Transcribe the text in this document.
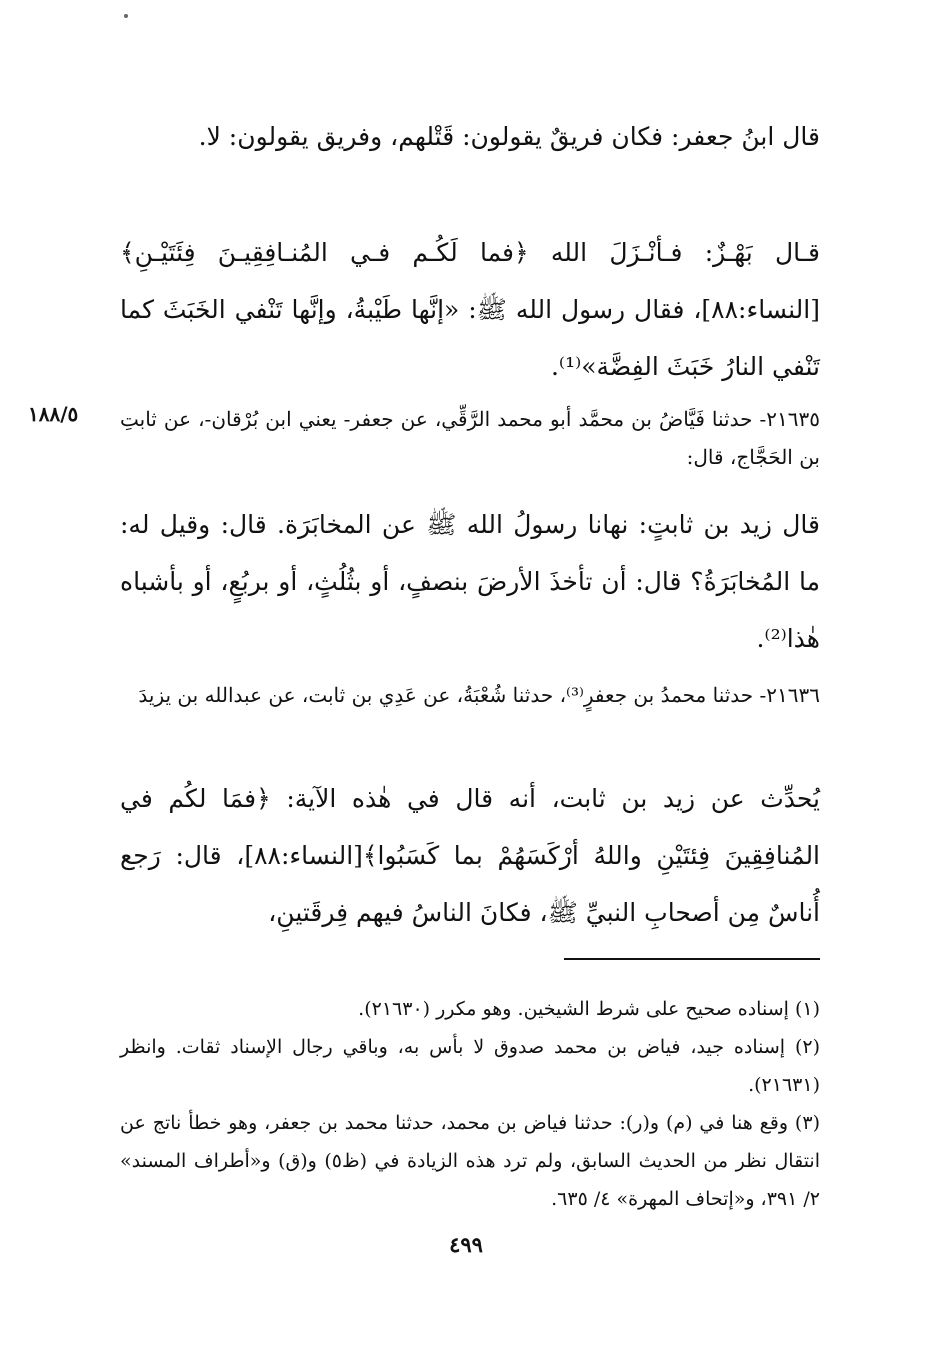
١٨٨/٥

قال ابنُ جعفر: فكان فريقٌ يقولون: قَتْلهم، وفريق يقولون: لا.

قـال بَهْـزٌ: فـأنْـزَلَ الله ﴿فما لَكُـم فـي المُنـافِقِيـنَ فِئَتَيْـنِ﴾ [النساء:٨٨]، فقال رسول الله ﷺ: «إنَّها طَيْبةُ، وإنَّها تَنْفي الخَبَثَ كما تَنْفي النارُ خَبَثَ الفِضَّة»⁽¹⁾.

٢١٦٣٥- حدثنا فَيَّاضُ بن محمَّد أبو محمد الرَّقِّي، عن جعفر- يعني ابن بُرْقان-، عن ثابتِ بن الحَجَّاج، قال:

قال زيد بن ثابتٍ: نهانا رسولُ الله ﷺ عن المخابَرَة. قال: وقيل له: ما المُخابَرَةُ؟ قال: أن تأخذَ الأرضَ بنصفٍ، أو بثُلُثٍ، أو بربُعٍ، أو بأشباه هٰذا⁽²⁾.

٢١٦٣٦- حدثنا محمدُ بن جعفرٍ⁽³⁾، حدثنا شُعْبَةُ، عن عَدِي بن ثابت، عن عبدالله بن يزيدَ

يُحدِّث عن زيد بن ثابت، أنه قال في هٰذه الآية: ﴿فمَا لكُم في المُنافِقِينَ فِئتَيْنِ واللهُ أرْكَسَهُمْ بما كَسَبُوا﴾[النساء:٨٨]، قال: رَجع أُناسٌ مِن أصحابِ النبيِّ ﷺ، فكانَ الناسُ فيهم فِرقَتينِ،

(١) إسناده صحيح على شرط الشيخين. وهو مكرر (٢١٦٣٠).

(٢) إسناده جيد، فياض بن محمد صدوق لا بأس به، وباقي رجال الإسناد ثقات. وانظر (٢١٦٣١).

(٣) وقع هنا في (م) و(ر): حدثنا فياض بن محمد، حدثنا محمد بن جعفر، وهو خطأ ناتج عن انتقال نظر من الحديث السابق، ولم ترد هذه الزيادة في (ظ٥) و(ق) و«أطراف المسند» ٢/ ٣٩١، و«إتحاف المهرة» ٤/ ٦٣٥.

٤٩٩
